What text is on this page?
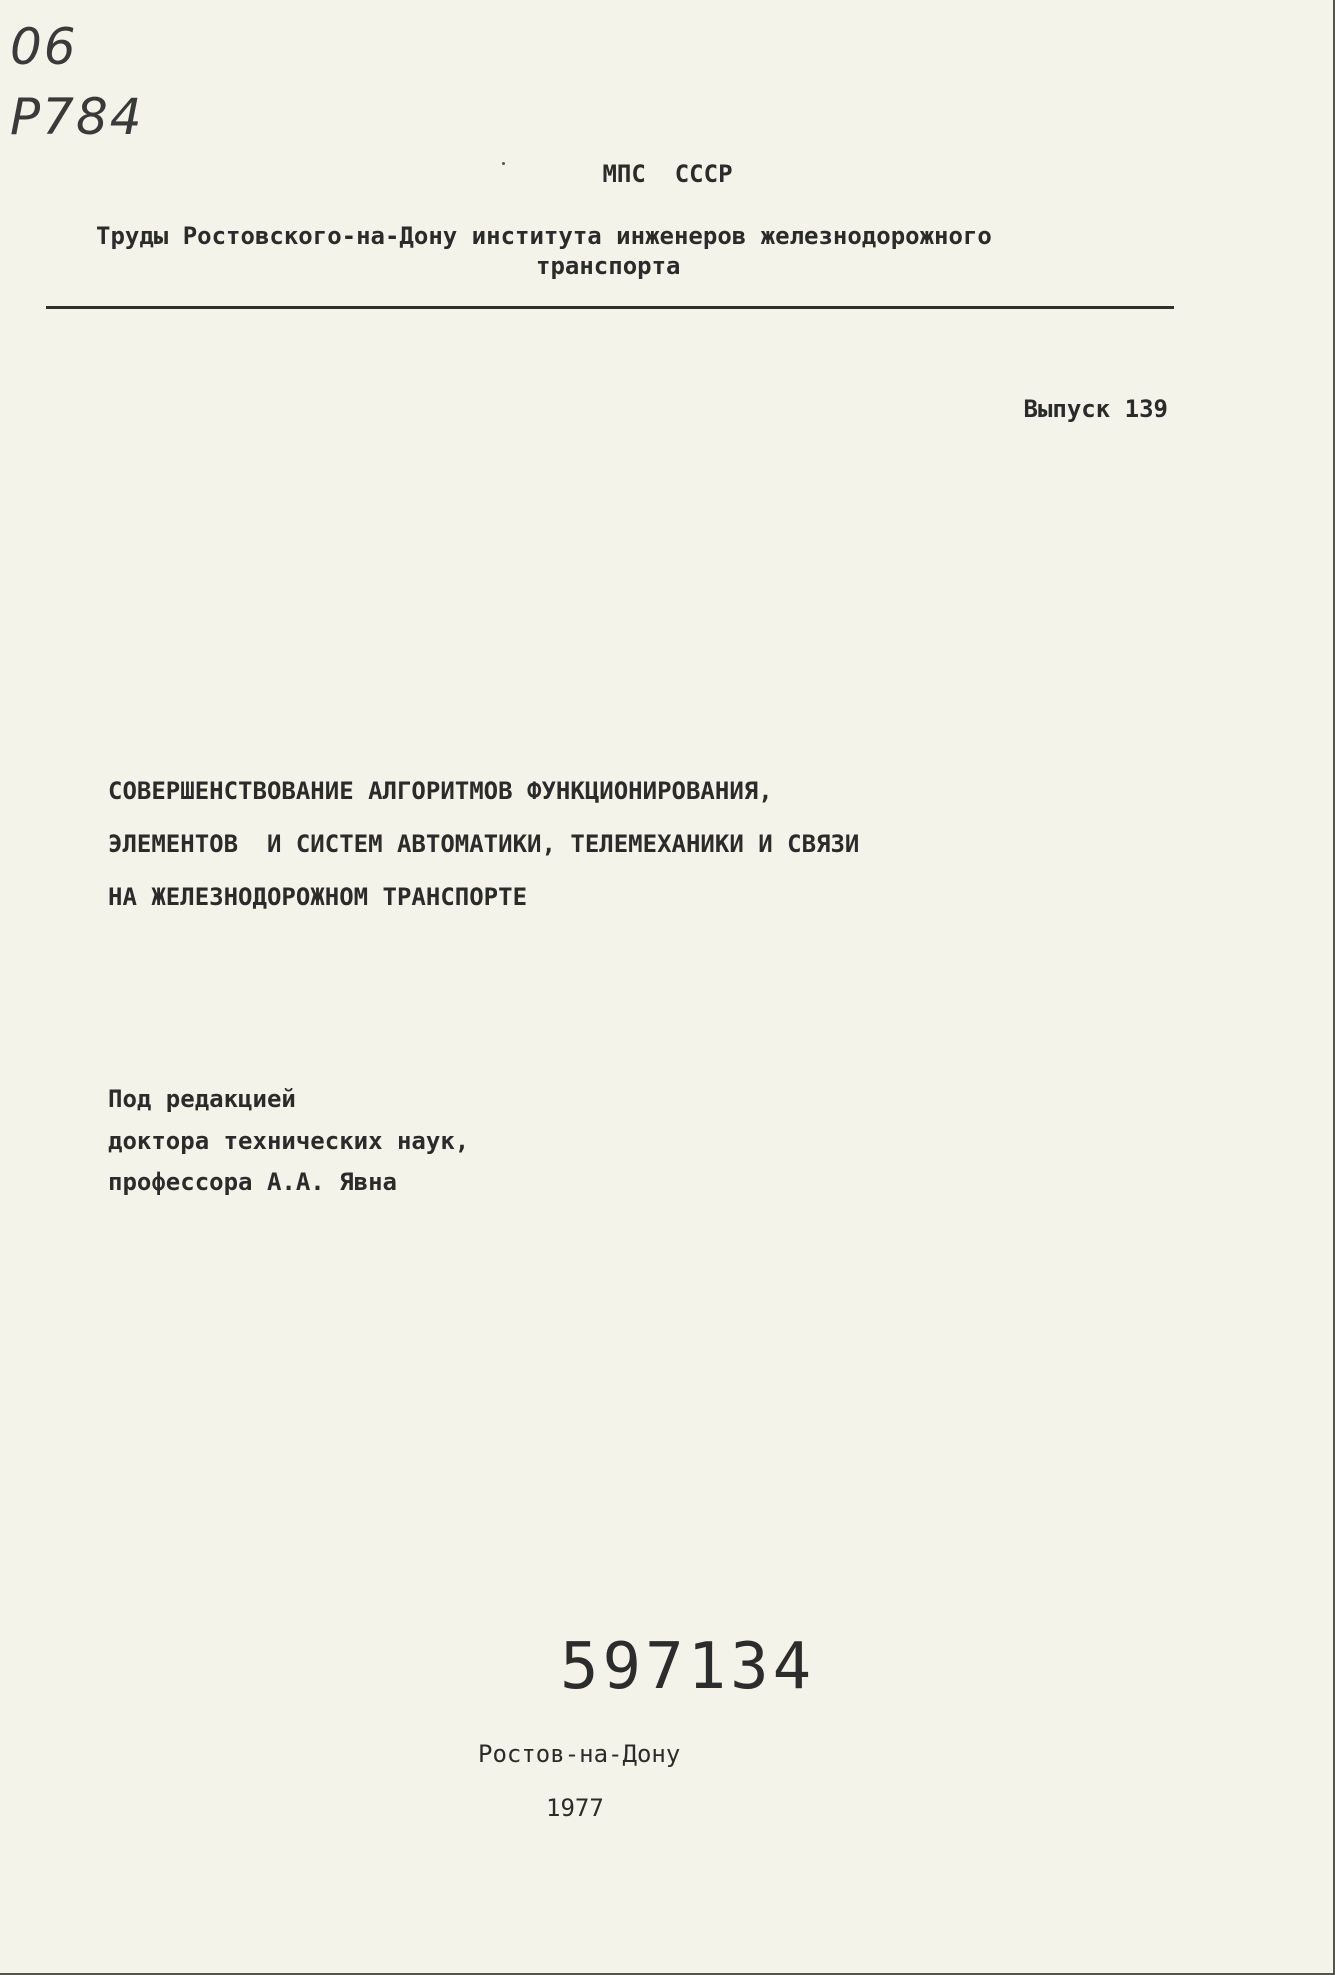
06
P784
МПС  СССР
Труды Ростовского-на-Дону института инженеров железнодорожного
транспорта
Выпуск 139
СОВЕРШЕНСТВОВАНИЕ АЛГОРИТМОВ ФУНКЦИОНИРОВАНИЯ,
ЭЛЕМЕНТОВ  И СИСТЕМ АВТОМАТИКИ, ТЕЛЕМЕХАНИКИ И СВЯЗИ
НА ЖЕЛЕЗНОДОРОЖНОМ ТРАНСПОРТЕ
Под редакцией
доктора технических наук,
профессора А.А. Явна
597134
Ростов-на-Дону
1977
